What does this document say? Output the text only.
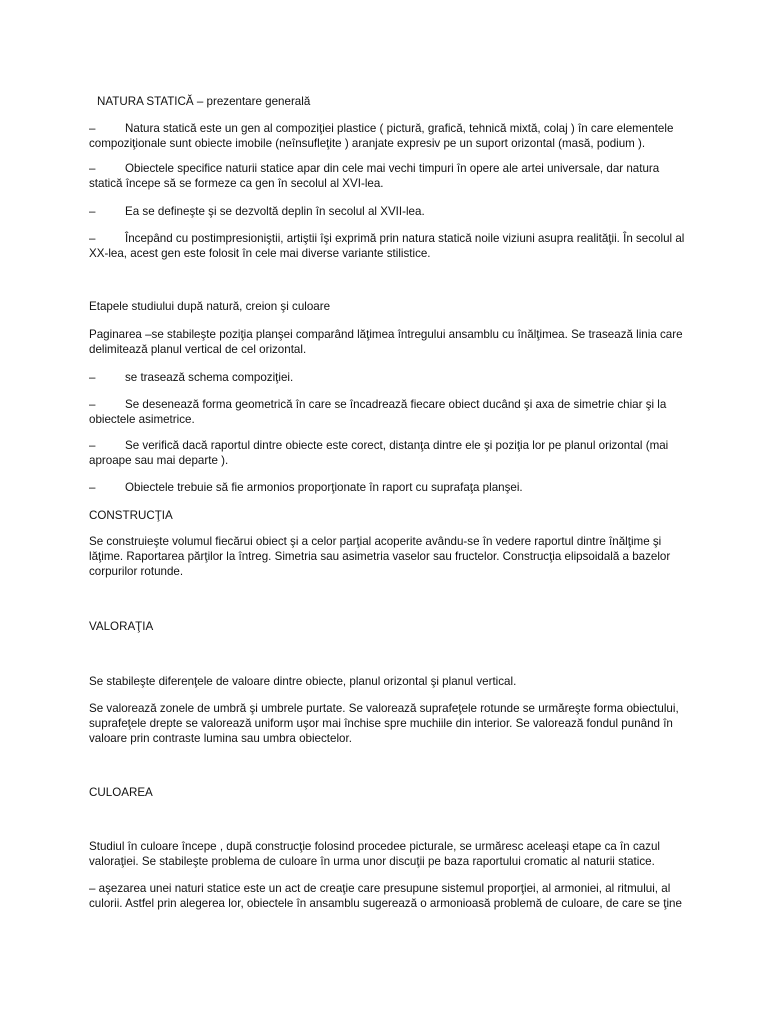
NATURA STATICĂ – prezentare generală

–	Natura statică este un gen al compoziţiei plastice ( pictură, grafică, tehnică mixtă, colaj ) în care elementele compoziţionale sunt obiecte imobile (neînsufleţite ) aranjate expresiv pe un suport orizontal (masă, podium ).

–	Obiectele specifice naturii statice apar din cele mai vechi timpuri în opere ale artei universale, dar natura statică începe să se formeze ca gen în secolul al XVI-lea.

–	Ea se defineşte şi se dezvoltă deplin în secolul al XVII-lea.

–	Începând cu postimpresioniştii, artiştii îşi exprimă prin natura statică noile viziuni asupra realităţii. În secolul al XX-lea, acest gen este folosit în cele mai diverse variante stilistice.

Etapele studiului după natură, creion şi culoare

Paginarea –se stabileşte poziţia planşei comparând lăţimea întregului ansamblu cu înălţimea. Se trasează linia care delimitează planul vertical de cel orizontal.

–	se trasează schema compoziţiei.

–	Se desenează forma geometrică în care se încadrează fiecare obiect ducând şi axa de simetrie chiar şi la obiectele asimetrice.

–	Se verifică dacă raportul dintre obiecte este corect, distanţa dintre ele şi poziţia lor pe planul orizontal (mai aproape sau mai departe ).

–	Obiectele trebuie să fie armonios proporţionate în raport cu suprafaţa planşei.

CONSTRUCŢIA

Se construieşte volumul fiecărui obiect şi a celor parţial acoperite avându-se în vedere raportul dintre înălţime şi lăţime. Raportarea părţilor la întreg. Simetria sau asimetria vaselor sau fructelor. Construcţia elipsoidală a bazelor corpurilor rotunde.

VALORAŢIA

Se stabileşte diferenţele de valoare dintre obiecte, planul orizontal şi planul vertical.

Se valorează zonele de umbră şi umbrele purtate. Se valorează suprafeţele rotunde se urmăreşte forma obiectului, suprafeţele drepte se valorează uniform uşor mai închise spre muchiile din interior. Se valorează fondul punând în valoare prin contraste lumina sau umbra obiectelor.

CULOAREA

Studiul în culoare începe , după construcţie folosind procedee picturale, se urmăresc aceleaşi etape ca în cazul valoraţiei. Se stabileşte problema de culoare în urma unor discuţii pe baza raportului cromatic al naturii statice.

– aşezarea unei naturi statice este un act de creaţie care presupune sistemul proporţiei, al armoniei, al ritmului, al culorii. Astfel prin alegerea lor, obiectele în ansamblu sugerează o armonioasă problemă de culoare, de care se ţine
